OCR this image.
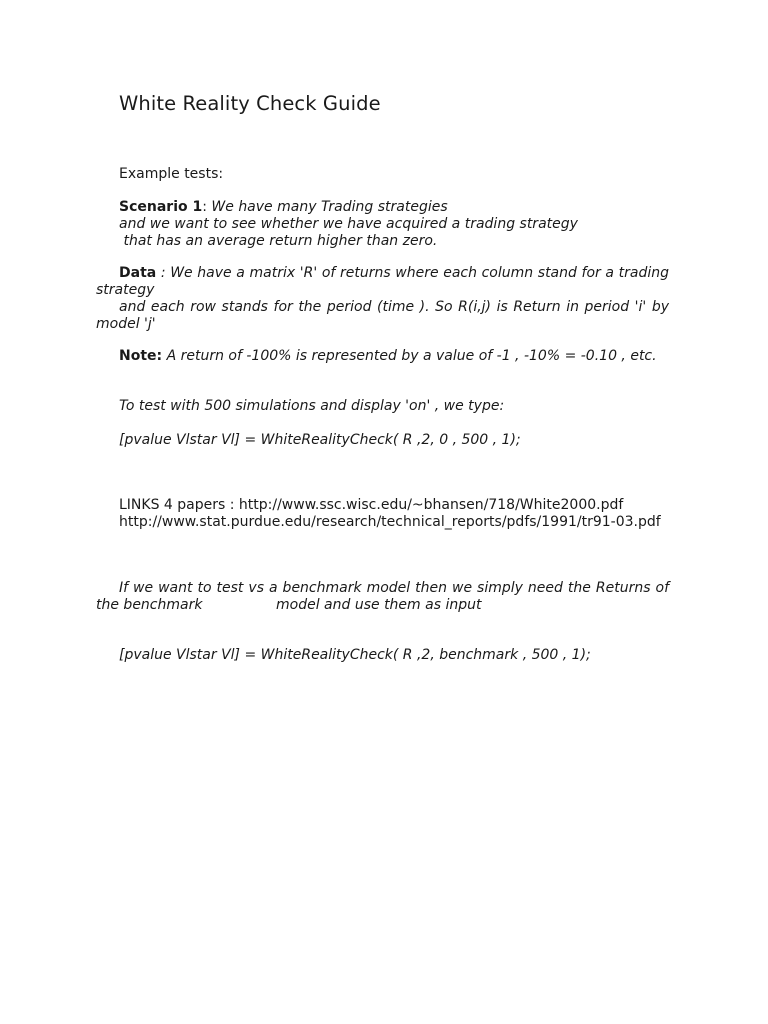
White Reality Check Guide
Example tests:
Scenario 1: We have many Trading strategies
and we want to see whether we have acquired a trading strategy
that has an average return higher than zero.
Data : We have a matrix 'R' of returns where each column stand for a trading
strategy
and each row stands for the period (time ). So R(i,j) is Return in period 'i' by
model 'j'
Note: A return of -100% is represented by a value of -1 , -10% = -0.10 , etc.
To test with 500 simulations and display 'on' , we type:
[pvalue Vlstar Vl] = WhiteRealityCheck( R ,2, 0 , 500 , 1);
LINKS 4 papers : http://www.ssc.wisc.edu/~bhansen/718/White2000.pdf
http://www.stat.purdue.edu/research/technical_reports/pdfs/1991/tr91-03.pdf
If we want to test vs a benchmark model then we simply need the Returns of
the benchmark	model and use them as input
[pvalue Vlstar Vl] = WhiteRealityCheck( R ,2, benchmark , 500 , 1);
